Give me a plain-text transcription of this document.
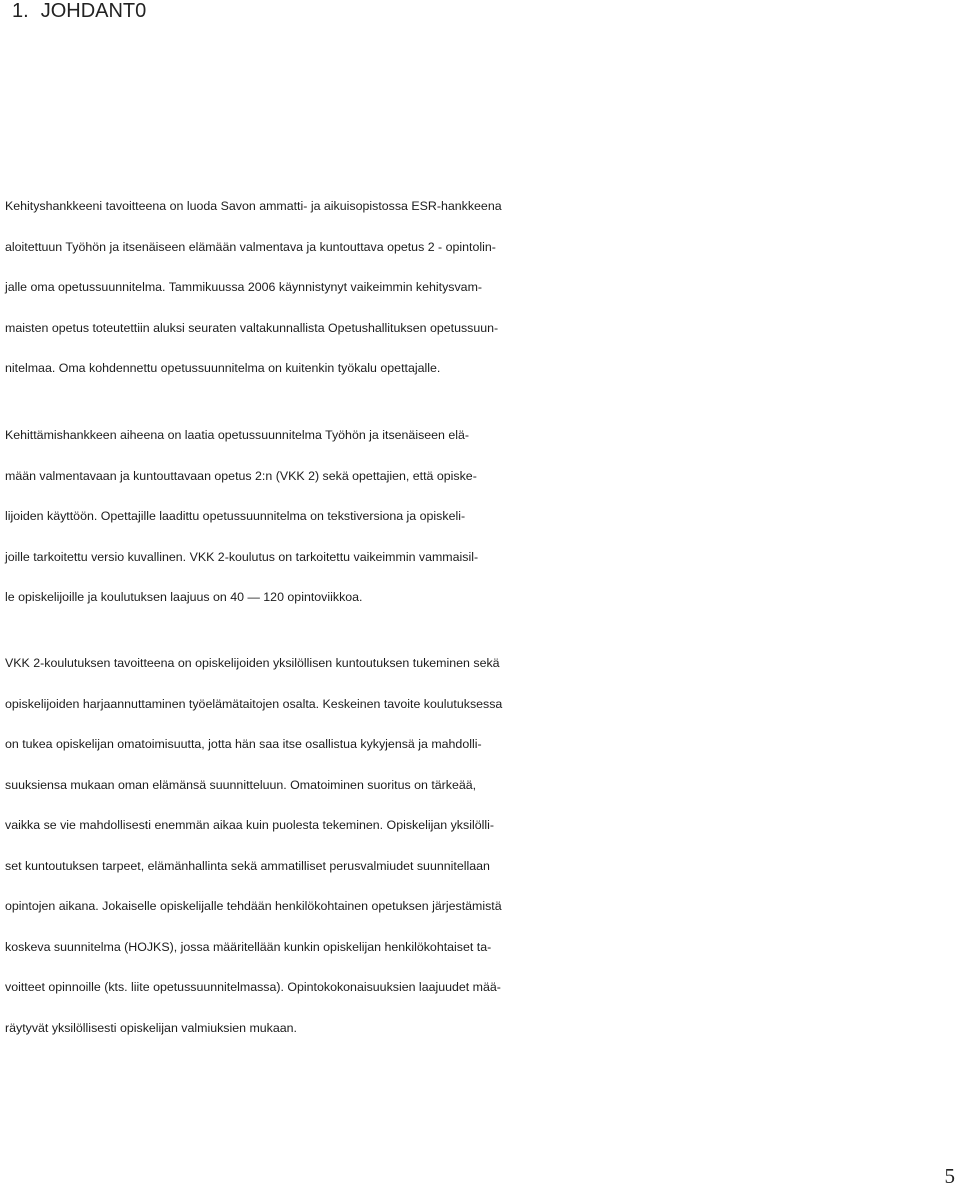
1. JOHDANT0
Kehityshankkeeni tavoitteena on luoda Savon ammatti- ja aikuisopistossa ESR-hankkeena
aloitettuun Työhön ja itsenäiseen elämään valmentava ja kuntouttava opetus 2 - opintolin-
jalle oma opetussuunnitelma. Tammikuussa 2006 käynnistynyt vaikeimmin kehitysvam-
maisten opetus toteutettiin aluksi seuraten valtakunnallista Opetushallituksen opetussuun-
nitelmaa. Oma kohdennettu opetussuunnitelma on kuitenkin työkalu opettajalle.
Kehittämishankkeen aiheena on laatia opetussuunnitelma Työhön ja itsenäiseen elä-
mään valmentavaan ja kuntouttavaan opetus 2:n (VKK 2) sekä opettajien, että opiske-
lijoiden käyttöön. Opettajille laadittu opetussuunnitelma on tekstiversiona ja opiskeli-
joille tarkoitettu versio kuvallinen. VKK 2-koulutus on tarkoitettu vaikeimmin vammaisil-
le opiskelijoille ja koulutuksen laajuus on 40 — 120 opintoviikkoa.
VKK 2-koulutuksen tavoitteena on opiskelijoiden yksilöllisen kuntoutuksen tukeminen sekä
opiskelijoiden harjaannuttaminen työelämätaitojen osalta. Keskeinen tavoite koulutuksessa
on tukea opiskelijan omatoimisuutta, jotta hän saa itse osallistua kykyjensä ja mahdolli-
suuksiensa mukaan oman elämänsä suunnitteluun. Omatoiminen suoritus on tärkeää,
vaikka se vie mahdollisesti enemmän aikaa kuin puolesta tekeminen. Opiskelijan yksilölli-
set kuntoutuksen tarpeet, elämänhallinta sekä ammatilliset perusvalmiudet suunnitellaan
opintojen aikana. Jokaiselle opiskelijalle tehdään henkilökohtainen opetuksen järjestämistä
koskeva suunnitelma (HOJKS), jossa määritellään kunkin opiskelijan henkilökohtaiset ta-
voitteet opinnoille (kts. liite opetussuunnitelmassa). Opintokokonaisuuksien laajuudet mää-
räytyvät yksilöllisesti opiskelijan valmiuksien mukaan.
5
